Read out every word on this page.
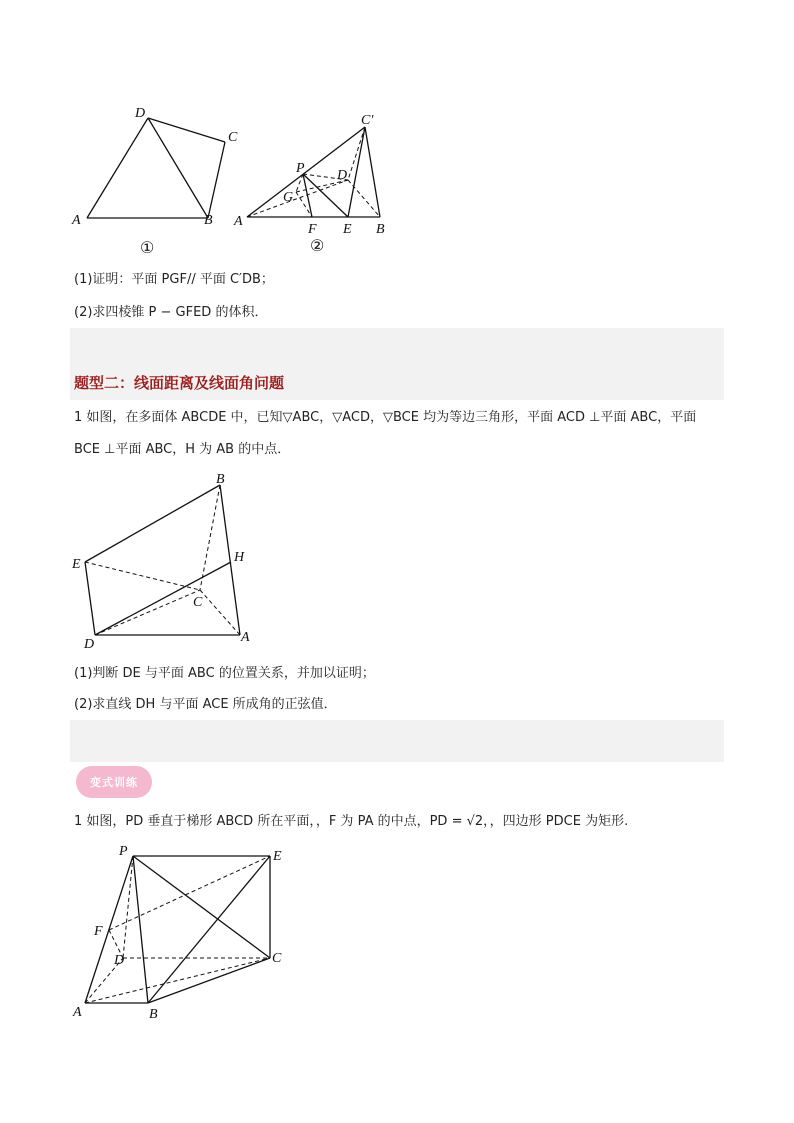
D
C
A	B
①
C′
P D
G
A
F E B
②
(1)证明：平面 PGF// 平面 C′DB；
(2)求四棱锥 P − GFED 的体积．
题型二：线面距离及线面角问题
1 如图，在多面体 ABCDE 中，已知▽ABC，▽ACD，▽BCE 均为等边三角形，平面 ACD ⊥平面 ABC，平面
BCE ⊥平面 ABC，H 为 AB 的中点．
B
H
E
C
D	A
(1)判断 DE 与平面 ABC 的位置关系，并加以证明；
(2)求直线 DH 与平面 ACE 所成角的正弦值．
变式训练
1 如图，PD 垂直于梯形 ABCD 所在平面，，F 为 PA 的中点，PD = √2，，四边形 PDCE 为矩形.
P	E
F
D	C
A	B
